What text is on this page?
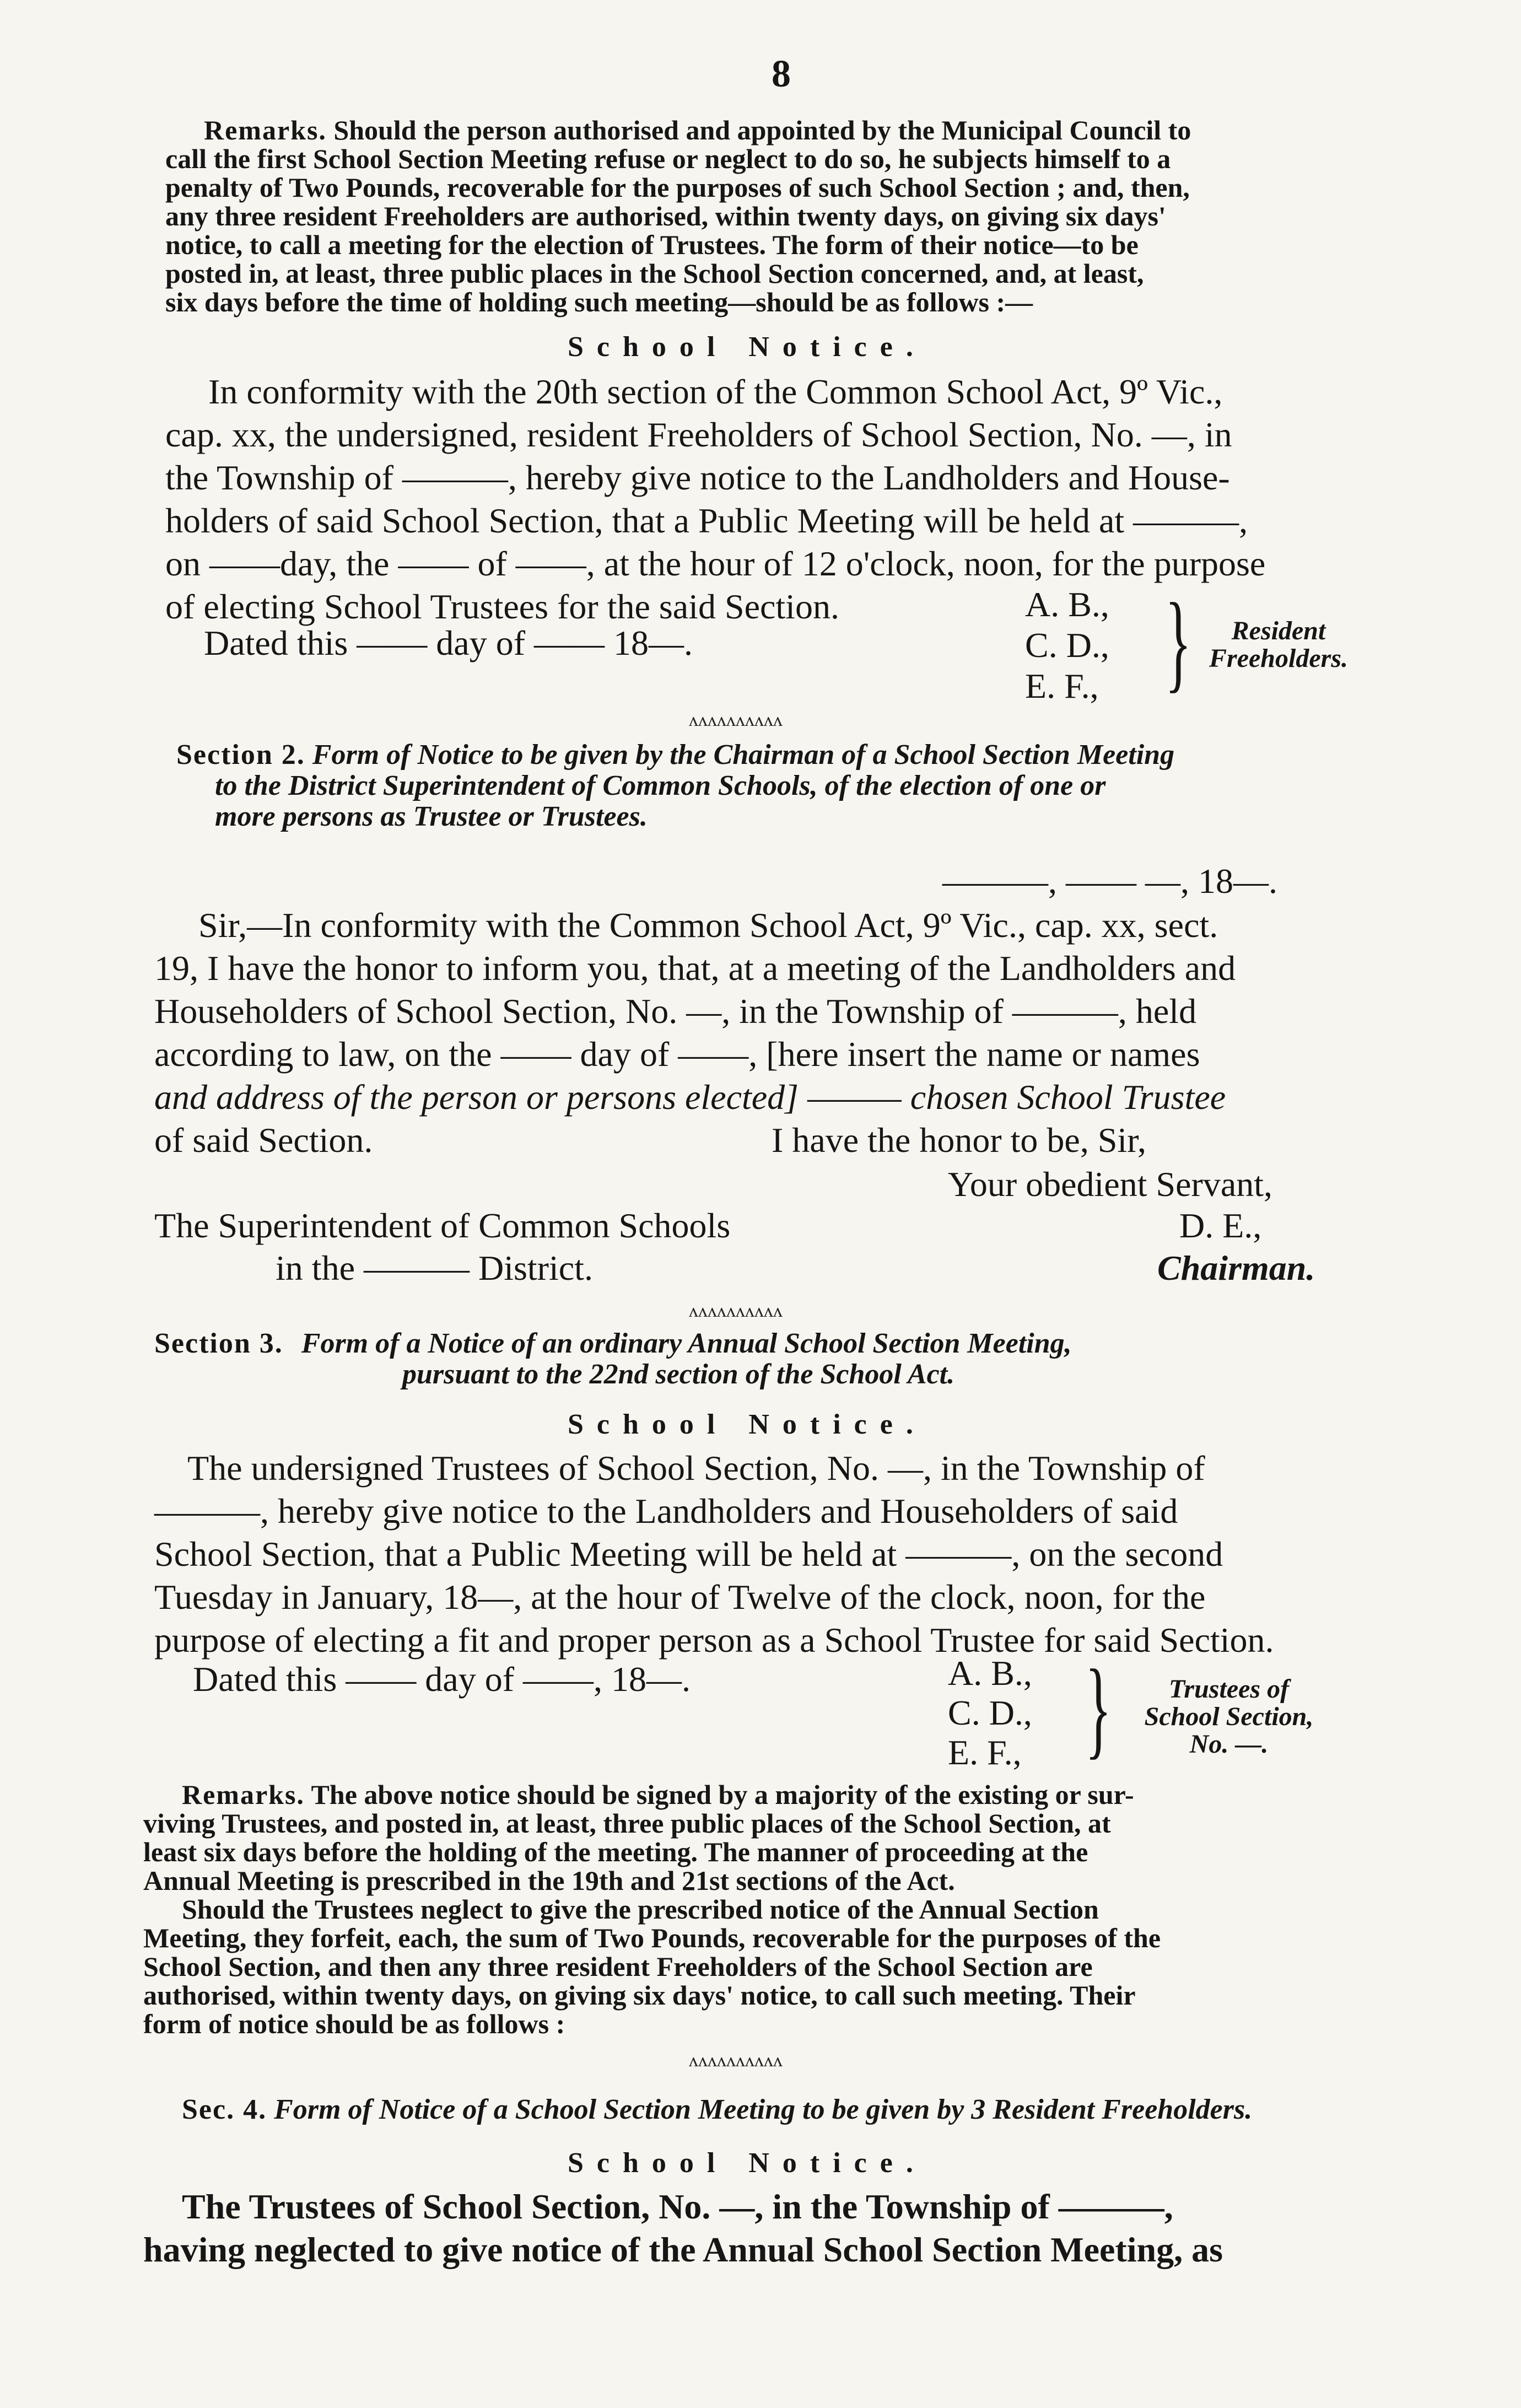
8
Remarks. Should the person authorised and appointed by the Municipal Council to
call the first School Section Meeting refuse or neglect to do so, he subjects himself to a
penalty of Two Pounds, recoverable for the purposes of such School Section ; and, then,
any three resident Freeholders are authorised, within twenty days, on giving six days'
notice, to call a meeting for the election of Trustees. The form of their notice—to be
posted in, at least, three public places in the School Section concerned, and, at least,
six days before the time of holding such meeting—should be as follows :—
School Notice.
In conformity with the 20th section of the Common School Act, 9º Vic.,
cap. xx, the undersigned, resident Freeholders of School Section, No. —, in
the Township of ———, hereby give notice to the Landholders and House-
holders of said School Section, that a Public Meeting will be held at ———,
on ——day, the —— of ——, at the hour of 12 o'clock, noon, for the purpose
of electing School Trustees for the said Section.
Dated this —— day of —— 18—.
A. B.,
C. D.,
E. F., }	Resident
Freeholders.
ʌʌʌʌʌʌʌʌʌʌ
Section 2. Form of Notice to be given by the Chairman of a School Section Meeting
to the District Superintendent of Common Schools, of the election of one or
more persons as Trustee or Trustees.
———, —— —, 18—.
Sir,—In conformity with the Common School Act, 9º Vic., cap. xx, sect.
19, I have the honor to inform you, that, at a meeting of the Landholders and
Householders of School Section, No. —, in the Township of ———, held
according to law, on the —— day of ——, [here insert the name or names
and address of the person or persons elected] ——— chosen School Trustee
of said Section.	I have the honor to be, Sir,
Your obedient Servant,
The Superintendent of Common Schools
in the ——— District.
D. E.,
Chairman.
ʌʌʌʌʌʌʌʌʌʌ
Section 3. Form of a Notice of an ordinary Annual School Section Meeting,
pursuant to the 22nd section of the School Act.
School Notice.
The undersigned Trustees of School Section, No. —, in the Township of
———, hereby give notice to the Landholders and Householders of said
School Section, that a Public Meeting will be held at ———, on the second
Tuesday in January, 18—, at the hour of Twelve of the clock, noon, for the
purpose of electing a fit and proper person as a School Trustee for said Section.
Dated this —— day of ——, 18—.	A. B.,
C. D.,
E. F., }	Trustees of
School Section,
No. —.
Remarks. The above notice should be signed by a majority of the existing or sur-
viving Trustees, and posted in, at least, three public places of the School Section, at
least six days before the holding of the meeting. The manner of proceeding at the
Annual Meeting is prescribed in the 19th and 21st sections of the Act.
Should the Trustees neglect to give the prescribed notice of the Annual Section
Meeting, they forfeit, each, the sum of Two Pounds, recoverable for the purposes of the
School Section, and then any three resident Freeholders of the School Section are
authorised, within twenty days, on giving six days' notice, to call such meeting. Their
form of notice should be as follows :
ʌʌʌʌʌʌʌʌʌʌ
Sec. 4. Form of Notice of a School Section Meeting to be given by 3 Resident Freeholders.
School Notice.
The Trustees of School Section, No. —, in the Township of ———,
having neglected to give notice of the Annual School Section Meeting, as
